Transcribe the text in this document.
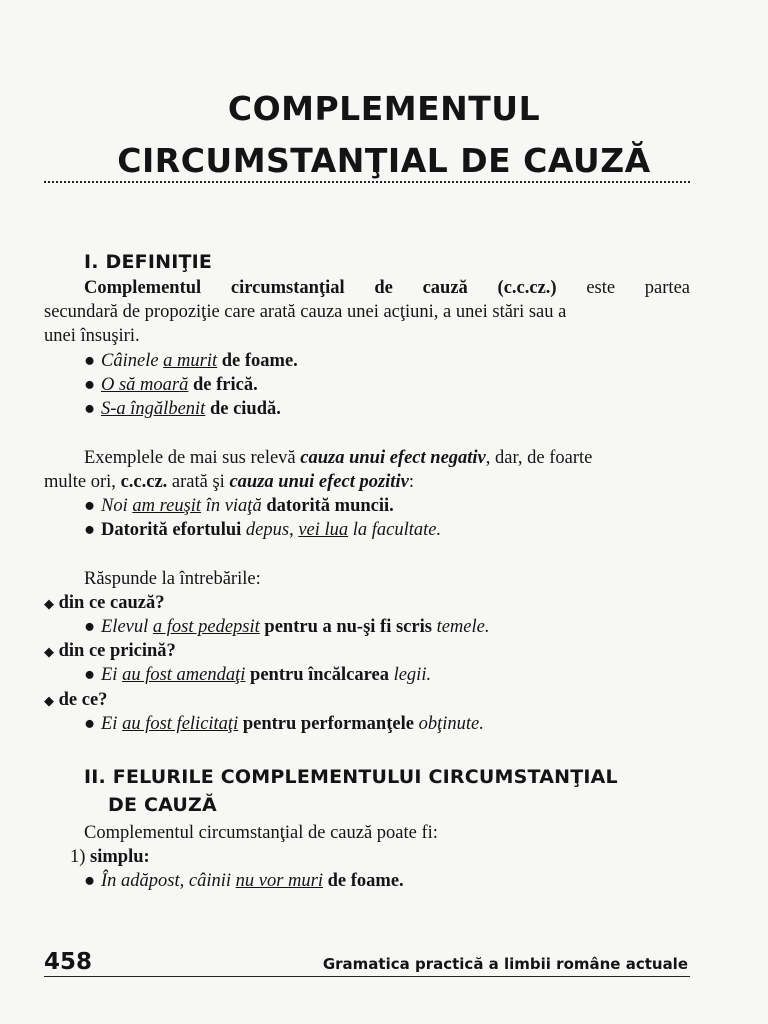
COMPLEMENTUL
CIRCUMSTANŢIAL DE CAUZĂ
I. DEFINIŢIE
Complementul circumstanţial de cauză (c.c.cz.) este partea
secundară de propoziţie care arată cauza unei acţiuni, a unei stări sau a
unei însuşiri.
● Câinele a murit de foame.
● O să moară de frică.
● S-a îngălbenit de ciudă.
Exemplele de mai sus relevă cauza unui efect negativ, dar, de foarte
multe ori, c.c.cz. arată şi cauza unui efect pozitiv:
● Noi am reuşit în viaţă datorită muncii.
● Datorită efortului depus, vei lua la facultate.
Răspunde la întrebările:
◆ din ce cauză?
● Elevul a fost pedepsit pentru a nu-şi fi scris temele.
◆ din ce pricină?
● Ei au fost amendaţi pentru încălcarea legii.
◆ de ce?
● Ei au fost felicitaţi pentru performanţele obţinute.
II. FELURILE COMPLEMENTULUI CIRCUMSTANŢIAL
DE CAUZĂ
Complementul circumstanţial de cauză poate fi:
1) simplu:
● În adăpost, câinii nu vor muri de foame.
458	Gramatica practică a limbii române actuale
